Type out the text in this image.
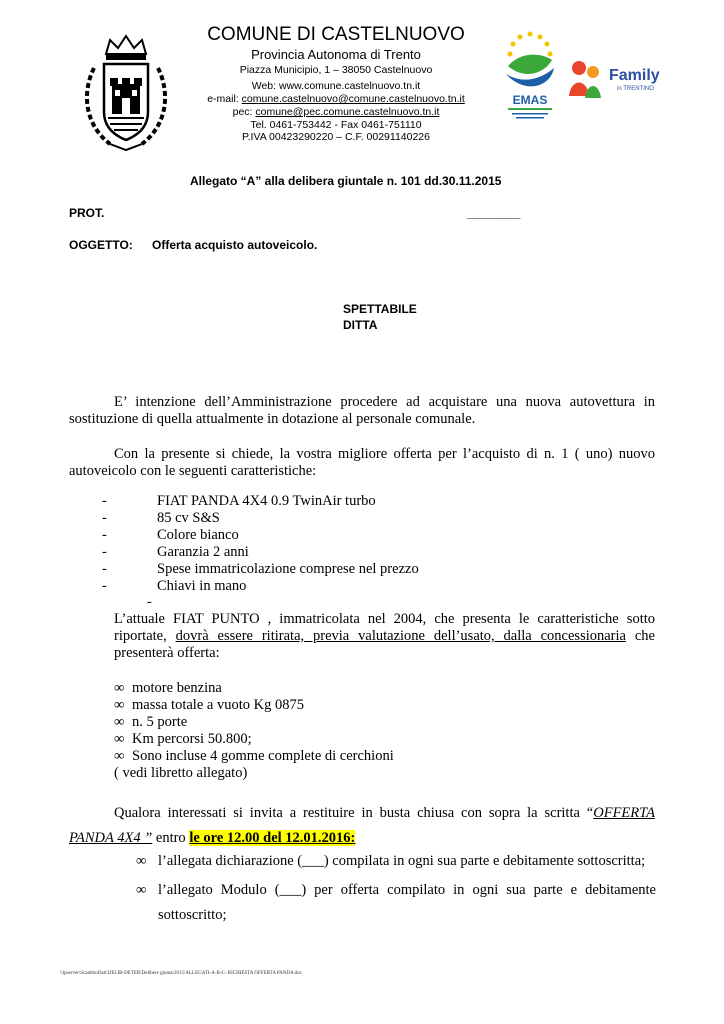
COMUNE DI CASTELNUOVO
Provincia Autonoma di Trento
Piazza Municipio, 1 – 38050 Castelnuovo
Web: www.comune.castelnuovo.tn.it
e-mail: comune.castelnuovo@comune.castelnuovo.tn.it
pec: comune@pec.comune.castelnuovo.tn.it
Tel. 0461-753442 - Fax 0461-751110
P.IVA 00423290220 – C.F. 00291140226
EMAS
Family
in TRENTINO
Allegato “A” alla delibera giuntale n. 101 dd.30.11.2015
PROT.	________
OGGETTO: Offerta acquisto autoveicolo.
SPETTABILE
DITTA
E’ intenzione dell’Amministrazione procedere ad acquistare una nuova autovettura in
sostituzione di quella attualmente in dotazione al personale comunale.
Con la presente si chiede, la vostra migliore offerta per l’acquisto di n. 1 ( uno) nuovo
autoveicolo con le seguenti caratteristiche:
-	FIAT PANDA 4X4 0.9 TwinAir turbo
-	85 cv S&S
-	Colore bianco
-	Garanzia 2 anni
-	Spese immatricolazione comprese nel prezzo
-	Chiavi in mano
-
L’attuale FIAT PUNTO , immatricolata nel 2004, che presenta le caratteristiche sotto
riportate, dovrà essere ritirata, previa valutazione dell’usato, dalla concessionaria che
presenterà offerta:
∞ motore benzina
∞ massa totale a vuoto Kg 0875
∞ n. 5 porte
∞ Km percorsi 50.800;
∞ Sono incluse 4 gomme complete di cerchioni
( vedi libretto allegato)
Qualora interessati si invita a restituire in busta chiusa con sopra la scritta “OFFERTA
PANDA 4X4 ” entro le ore 12.00 del 12.01.2016:
∞ l’allegata dichiarazione (___) compilata in ogni sua parte e debitamente sottoscritta;
∞ l’allegato Modulo (___) per offerta compilato in ogni sua parte e debitamente
sottoscritto;
\\lpserver\ScambioDati\DELIB-DETER\Delibere giunta\2015\ALLEGATI-A-B-C- RICHIESTA OFFERTA PANDA.doc
